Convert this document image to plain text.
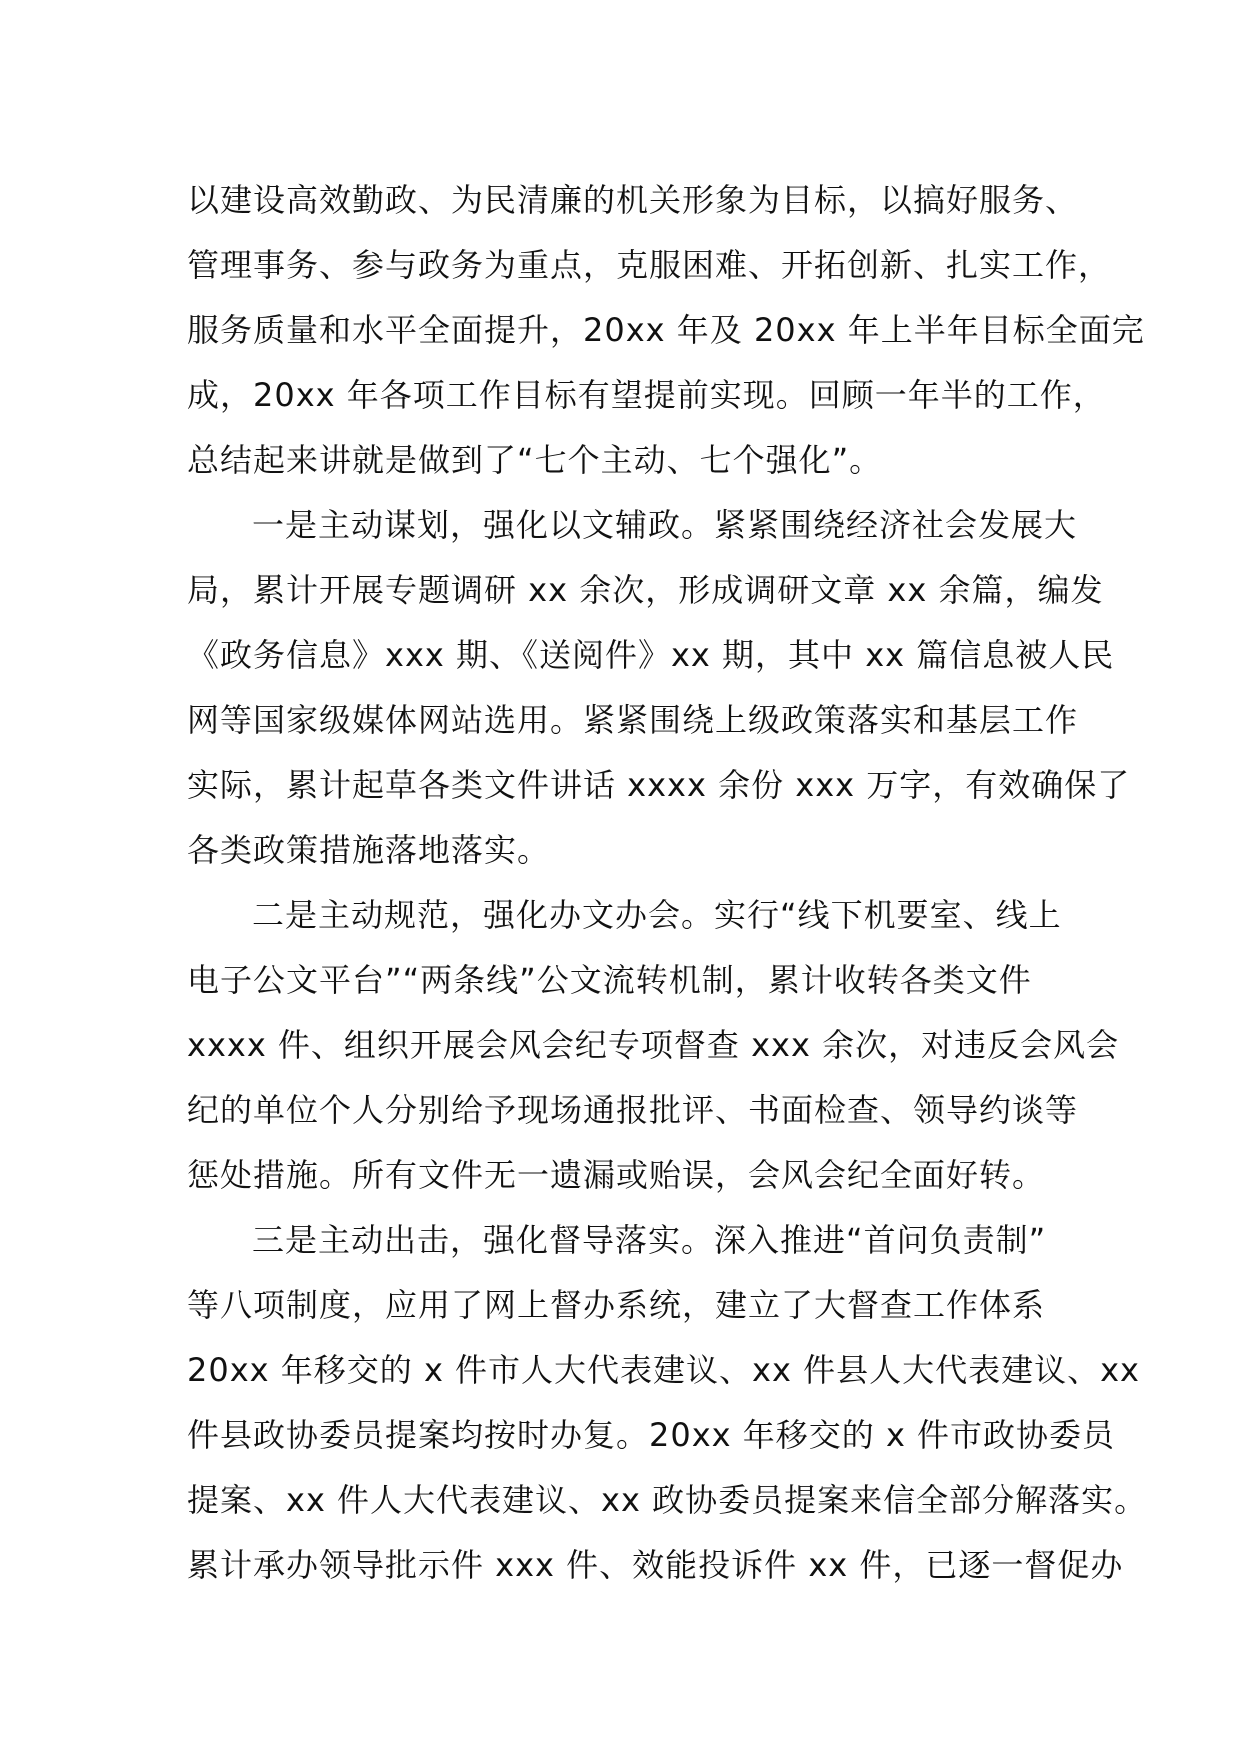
以建设高效勤政、为民清廉的机关形象为目标，以搞好服务、
管理事务、参与政务为重点，克服困难、开拓创新、扎实工作，
服务质量和水平全面提升，20xx 年及 20xx 年上半年目标全面完
成，20xx 年各项工作目标有望提前实现。回顾一年半的工作，
总结起来讲就是做到了“七个主动、七个强化”。
一是主动谋划，强化以文辅政。紧紧围绕经济社会发展大
局，累计开展专题调研 xx 余次，形成调研文章 xx 余篇，编发
《政务信息》xxx 期、《送阅件》xx 期，其中 xx 篇信息被人民
网等国家级媒体网站选用。紧紧围绕上级政策落实和基层工作
实际，累计起草各类文件讲话 xxxx 余份 xxx 万字，有效确保了
各类政策措施落地落实。
二是主动规范，强化办文办会。实行“线下机要室、线上
电子公文平台”“两条线”公文流转机制，累计收转各类文件
xxxx 件、组织开展会风会纪专项督查 xxx 余次，对违反会风会
纪的单位个人分别给予现场通报批评、书面检查、领导约谈等
惩处措施。所有文件无一遗漏或贻误，会风会纪全面好转。
三是主动出击，强化督导落实。深入推进“首问负责制”
等八项制度，应用了网上督办系统，建立了大督查工作体系
20xx 年移交的 x 件市人大代表建议、xx 件县人大代表建议、xx
件县政协委员提案均按时办复。20xx 年移交的 x 件市政协委员
提案、xx 件人大代表建议、xx 政协委员提案来信全部分解落实。
累计承办领导批示件 xxx 件、效能投诉件 xx 件，已逐一督促办
